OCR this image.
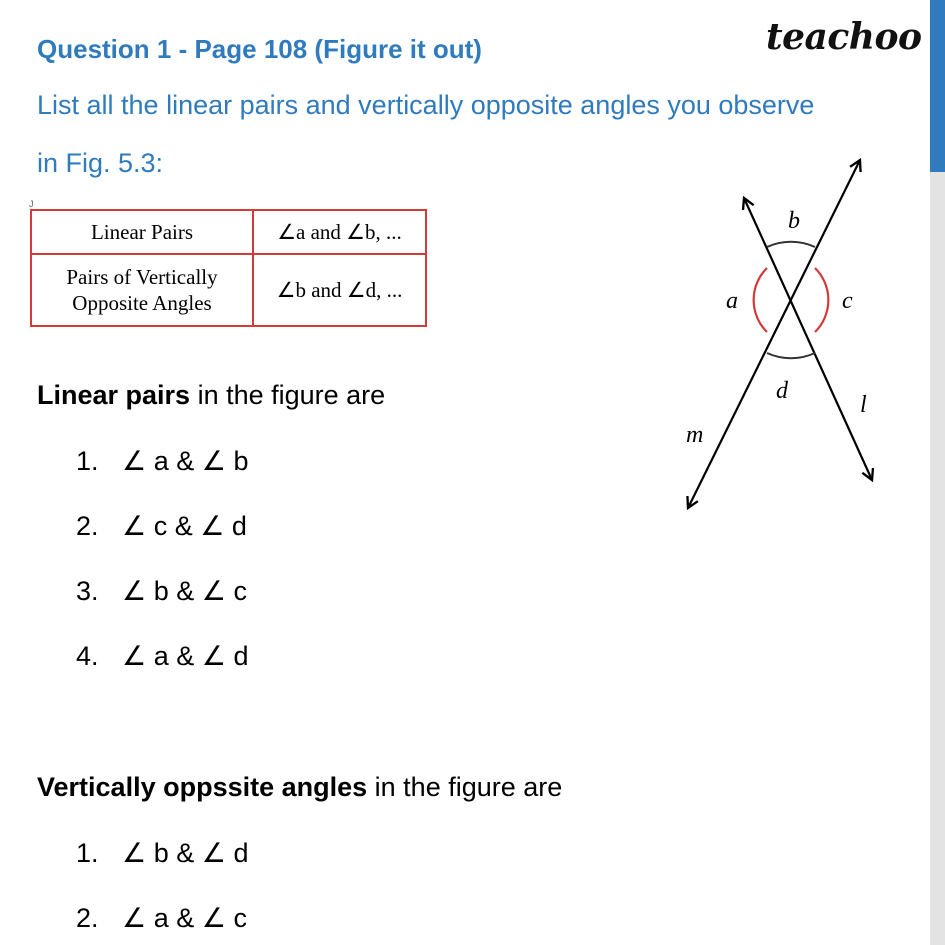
Question 1 - Page 108 (Figure it out)	teachoo
List all the linear pairs and vertically opposite angles you observe
in Fig. 5.3:
J
Linear Pairs	∠a and ∠b, ...
Pairs of Vertically
Opposite Angles	∠b and ∠d, ...
b
a	c
d
l
m
Linear pairs in the figure are
1. ∠ a & ∠ b
2. ∠ c & ∠ d
3. ∠ b & ∠ c
4. ∠ a & ∠ d
Vertically oppssite angles in the figure are
1. ∠ b & ∠ d
2. ∠ a & ∠ c
